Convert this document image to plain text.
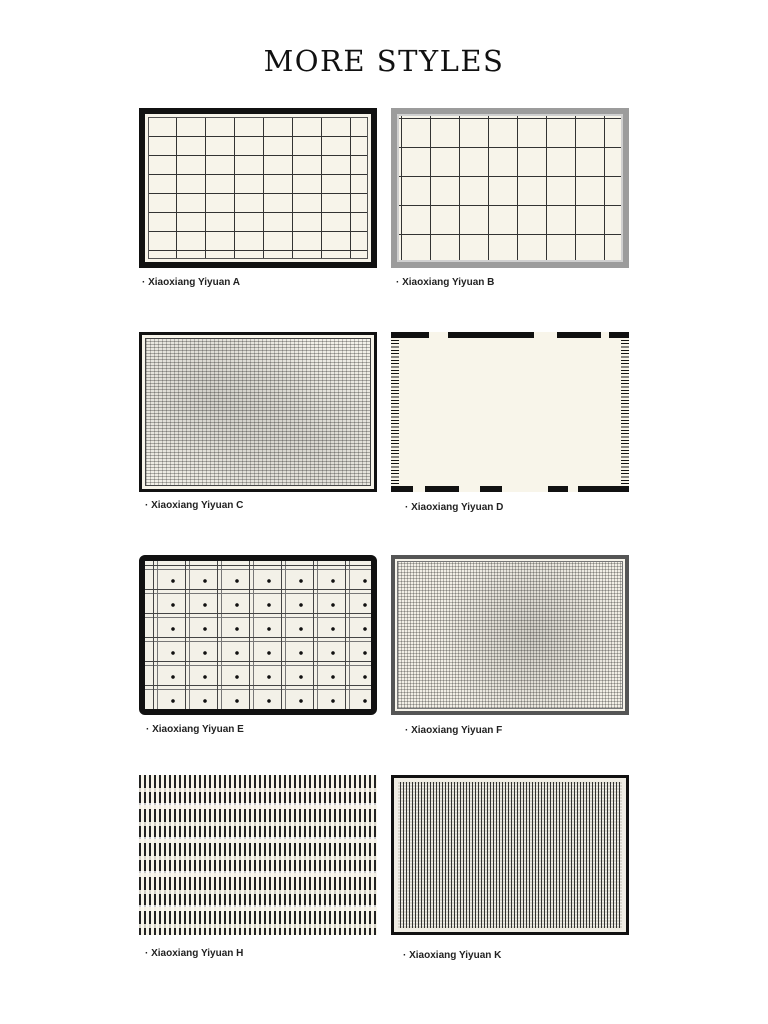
MORE STYLES
· Xiaoxiang Yiyuan A	· Xiaoxiang Yiyuan B
· Xiaoxiang Yiyuan C	· Xiaoxiang Yiyuan D
· Xiaoxiang Yiyuan E	· Xiaoxiang Yiyuan F
· Xiaoxiang Yiyuan H	· Xiaoxiang Yiyuan K
